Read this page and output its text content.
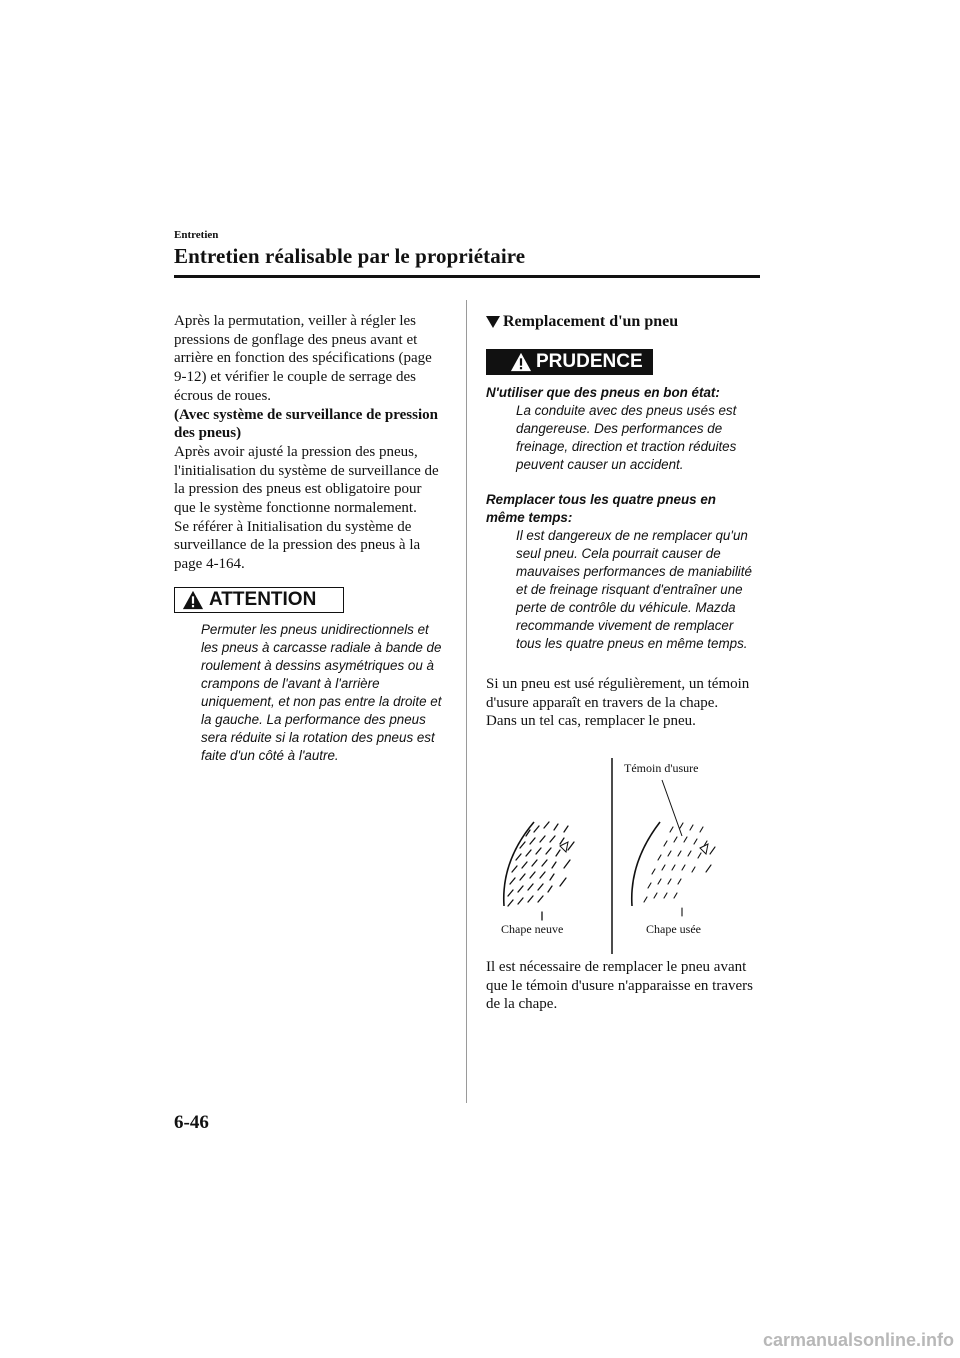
Entretien
Entretien réalisable par le propriétaire

Après la permutation, veiller à régler les pressions de gonflage des pneus avant et arrière en fonction des spécifications (page 9-12) et vérifier le couple de serrage des écrous de roues.

(Avec système de surveillance de pression des pneus)

Après avoir ajusté la pression des pneus, l'initialisation du système de surveillance de la pression des pneus est obligatoire pour que le système fonctionne normalement.

Se référer à Initialisation du système de surveillance de la pression des pneus à la page 4-164.

ATTENTION
Permuter les pneus unidirectionnels et les pneus à carcasse radiale à bande de roulement à dessins asymétriques ou à crampons de l'avant à l'arrière uniquement, et non pas entre la droite et la gauche. La performance des pneus sera réduite si la rotation des pneus est faite d'un côté à l'autre.
Remplacement d'un pneu
PRUDENCE
N'utiliser que des pneus en bon état:
La conduite avec des pneus usés est dangereuse. Des performances de freinage, direction et traction réduites peuvent causer un accident.
Remplacer tous les quatre pneus en même temps:
Il est dangereux de ne remplacer qu'un seul pneu. Cela pourrait causer de mauvaises performances de maniabilité et de freinage risquant d'entraîner une perte de contrôle du véhicule. Mazda recommande vivement de remplacer tous les quatre pneus en même temps.

Si un pneu est usé régulièrement, un témoin d'usure apparaît en travers de la chape.

Dans un tel cas, remplacer le pneu.

Témoin d'usure
Chape neuve	Chape usée
Il est nécessaire de remplacer le pneu avant que le témoin d'usure n'apparaisse en travers de la chape.
6-46
carmanualsonline.info
